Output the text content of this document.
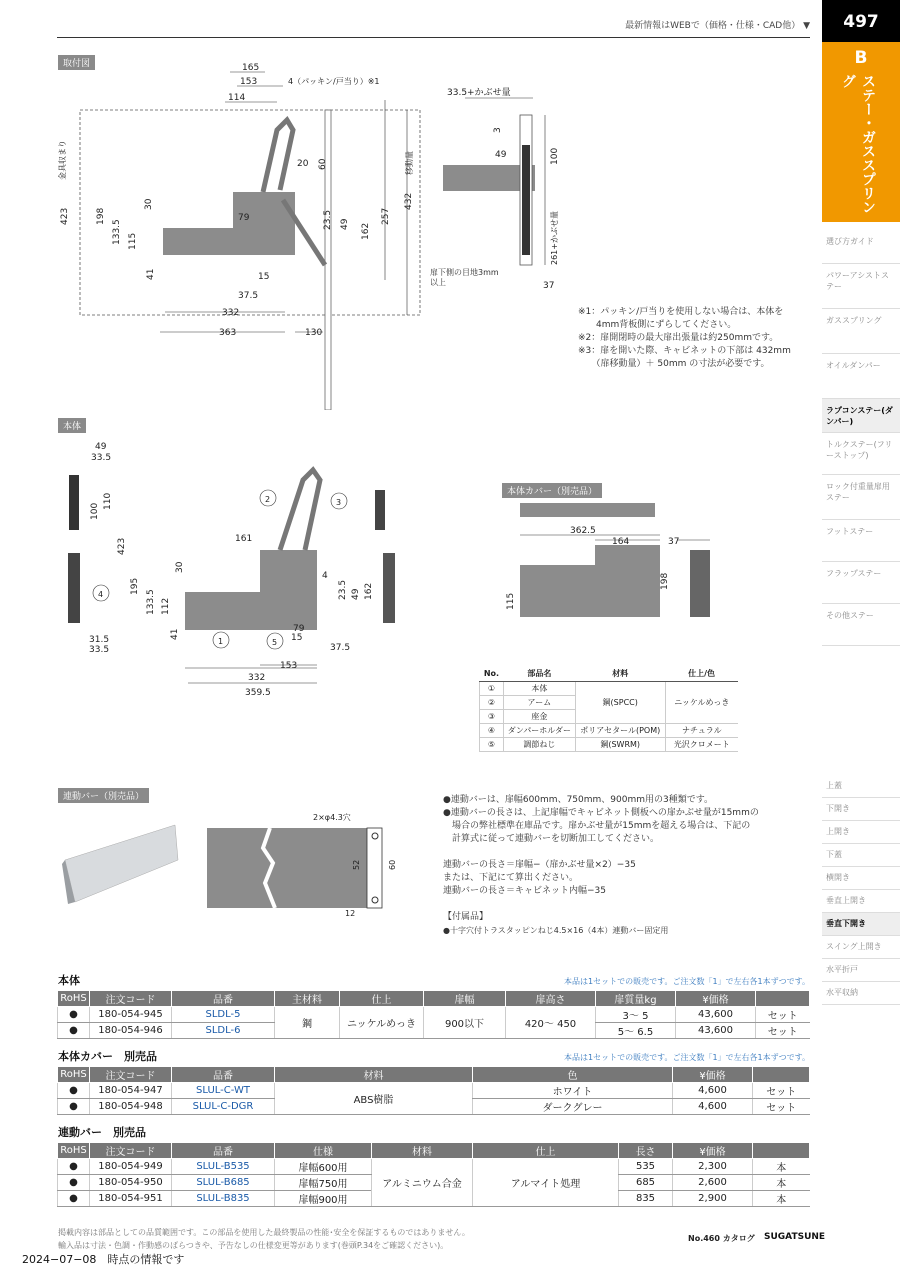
最新情報はWEBで（価格・仕様・CAD他） ▼	497
B
ステー・ガススプリング
選び方ガイド
パワーアシストステー
ガススプリング
オイルダンパー
ラプコンステー(ダンパー)
トルクステー(フリーストップ)
ロック付重量扉用ステー
フットステー
フラップステー
その他ステー
上蓋
下開き
上開き
下蓋
横開き
垂直上開き
垂直下開き
スイング上開き
水平折戸
水平収納
取付図	165
153	4（パッキン/戸当り）※1
114
20 60
30
79
423	198
133.5 115
41
23.5 49 162
257
432
移動量
金具収まり
15
37.5
332
363	130
33.5+かぶせ量
3
49	100
261+かぶせ量
37
扉下側の目地3mm以上
※1：パッキン/戸当りを使用しない場合は、本体を
　　4mm背板側にずらしてください。
※2：扉開閉時の最大扉出張量は約250mmです。
※3：扉を開いた際、キャビネットの下部は 432mm
　　（扉移動量）＋ 50mm の寸法が必要です。
本体
49
33.5
100
110
423	161
30
195
133.5 112
41
4
23.5 49 162
31.5
33.5
15
79
37.5
153
332
359.5
1
2	3
4
5
本体カバー（別売品）
362.5
164	37
115
198
No.	部品名	材料	仕上/色
①	本体	鋼(SPCC)	ニッケルめっき
②	アーム		
③	座金		
④	ダンパーホルダー	ポリアセタール(POM)	ナチュラル
⑤	調節ねじ	鋼(SWRM)	光沢クロメート
連動バー（別売品）
2×φ4.3穴
52	60
12
●連動バーは、扉幅600mm、750mm、900mm用の3種類です。
●連動バーの長さは、上記扉幅でキャビネット側板への扉かぶせ量が15mmの
　場合の弊社標準在庫品です。扉かぶせ量が15mmを超える場合は、下記の
　計算式に従って連動バーを切断加工してください。
連動バーの長さ＝扉幅−（扉かぶせ量×2）−35
または、下記にて算出ください。
連動バーの長さ＝キャビネット内幅−35
【付属品】
●十字穴付トラスタッピンねじ4.5×16（4本）連動バー固定用
本体	本品は1セットでの販売です。ご注文数「1」で左右各1本ずつです。
RoHS	注文コード	品番	主材料	仕上	扉幅	扉高さ	扉質量kg	¥価格	
●	180-054-945	SLDL-5	鋼	ニッケルめっき	900以下	420～ 450	3～ 5	43,600	セット
●	180-054-946	SLDL-6					5～ 6.5	43,600	セット
本体カバー　別売品	本品は1セットでの販売です。ご注文数「1」で左右各1本ずつです。
RoHS	注文コード	品番	材料	色	¥価格	
●	180-054-947	SLUL-C-WT	ABS樹脂	ホワイト	4,600	セット
●	180-054-948	SLUL-C-DGR		ダークグレー	4,600	セット
連動バー　別売品
RoHS	注文コード	品番	仕様	材料	仕上	長さ	¥価格	
●	180-054-949	SLUL-B535	扉幅600用	アルミニウム合金	アルマイト処理	535	2,300	本
●	180-054-950	SLUL-B685	扉幅750用			685	2,600	本
●	180-054-951	SLUL-B835	扉幅900用			835	2,900	本
掲載内容は部品としての品質範囲です。この部品を使用した最終製品の性能･安全を保証するものではありません。
輸入品は寸法・色調・作動感のばらつきや、予告なしの仕様変更等があります(巻頭P.34をご確認ください)。
No.460 カタログ SUGATSUNE
2024−07−08　時点の情報です
